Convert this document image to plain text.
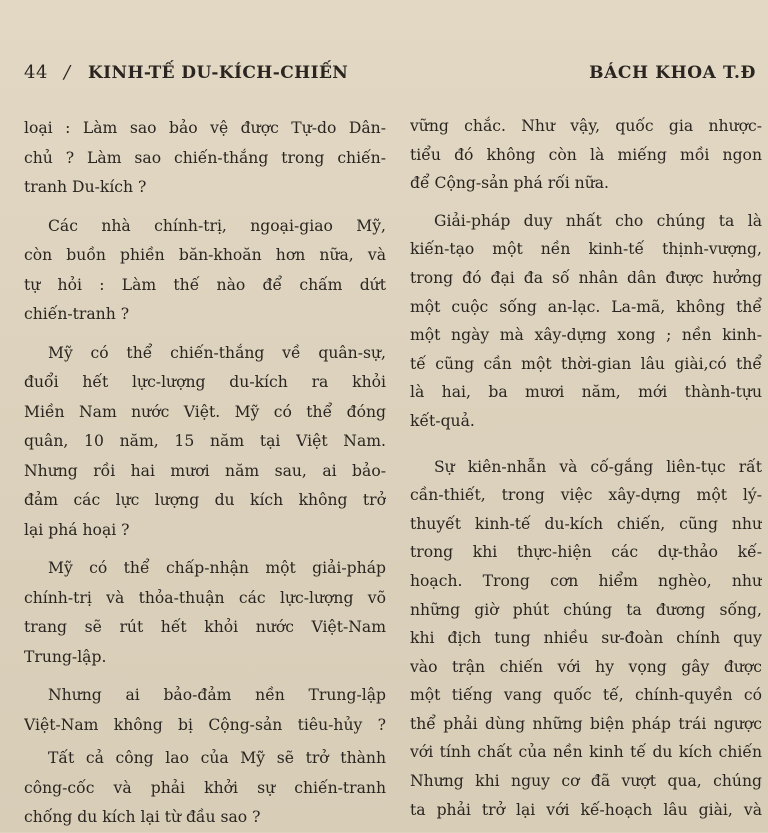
44 / KINH-TẾ DU-KÍCH-CHIẾN	BÁCH KHOA T.Đ
loại : Làm sao bảo vệ được Tự-do Dân-
chủ ? Làm sao chiến-thắng trong chiến-
tranh Du-kích ?
Các nhà chính-trị, ngoại-giao Mỹ,
còn buồn phiền băn-khoăn hơn nữa, và
tự hỏi : Làm thế nào để chấm dứt
chiến-tranh ?
Mỹ có thể chiến-thắng về quân-sự,
đuổi hết lực-lượng du-kích ra khỏi
Miền Nam nước Việt. Mỹ có thể đóng
quân, 10 năm, 15 năm tại Việt Nam.
Nhưng rồi hai mươi năm sau, ai bảo-
đảm các lực lượng du kích không trở
lại phá hoại ?
Mỹ có thể chấp-nhận một giải-pháp
chính-trị và thỏa-thuận các lực-lượng võ
trang sẽ rút hết khỏi nước Việt-Nam
Trung-lập.
Nhưng ai bảo-đảm nền Trung-lập
Việt-Nam không bị Cộng-sản tiêu-hủy ?
Tất cả công lao của Mỹ sẽ trở thành
công-cốc và phải khởi sự chiến-tranh
chống du kích lại từ đầu sao ?
vững chắc. Như vậy, quốc gia nhược-
tiểu đó không còn là miếng mồi ngon
để Cộng-sản phá rối nữa.
Giải-pháp duy nhất cho chúng ta là
kiến-tạo một nền kinh-tế thịnh-vượng,
trong đó đại đa số nhân dân được hưởng
một cuộc sống an-lạc. La-mã, không thể
một ngày mà xây-dựng xong ; nền kinh-
tế cũng cần một thời-gian lâu giài,có thể
là hai, ba mươi năm, mới thành-tựu
kết-quả.
Sự kiên-nhẫn và cố-gắng liên-tục rất
cần-thiết, trong việc xây-dựng một lý-
thuyết kinh-tế du-kích chiến, cũng như
trong khi thực-hiện các dự-thảo kế-
hoạch. Trong cơn hiểm nghèo, như
những giờ phút chúng ta đương sống,
khi địch tung nhiều sư-đoàn chính quy
vào trận chiến với hy vọng gây được
một tiếng vang quốc tế, chính-quyền có
thể phải dùng những biện pháp trái ngược
với tính chất của nền kinh tế du kích chiến
Nhưng khi nguy cơ đã vượt qua, chúng
ta phải trở lại với kế-hoạch lâu giài, và
